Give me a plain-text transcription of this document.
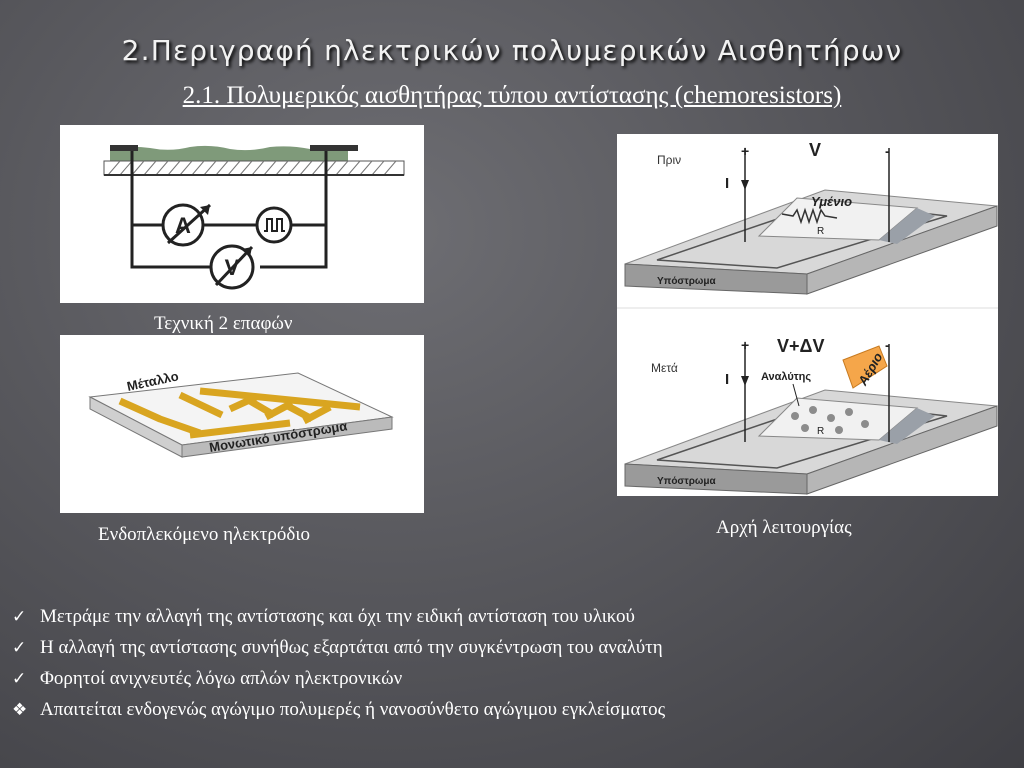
2.Περιγραφή ηλεκτρικών πολυμερικών Αισθητήρων
2.1. Πολυμερικός αισθητήρας τύπου αντίστασης (chemoresistors)
A
V
Τεχνική 2 επαφών
Μέταλλο
Μονωτικό υπόστρωμα
Ενδοπλεκόμενο ηλεκτρόδιο
Πριν	V
+	-
I
Υμένιο
R
Υπόστρωμα
Μετά
V+ΔV
+	-
I	Αναλύτης	Αέριο
R
Υπόστρωμα
Αρχή λειτουργίας
✓ Μετράμε την αλλαγή της αντίστασης και όχι την ειδική αντίσταση του υλικού
✓ Η αλλαγή της αντίστασης συνήθως εξαρτάται από την συγκέντρωση του αναλύτη
✓ Φορητοί ανιχνευτές λόγω απλών ηλεκτρονικών
❖ Απαιτείται ενδογενώς αγώγιμο πολυμερές ή νανοσύνθετο αγώγιμου εγκλείσματος
